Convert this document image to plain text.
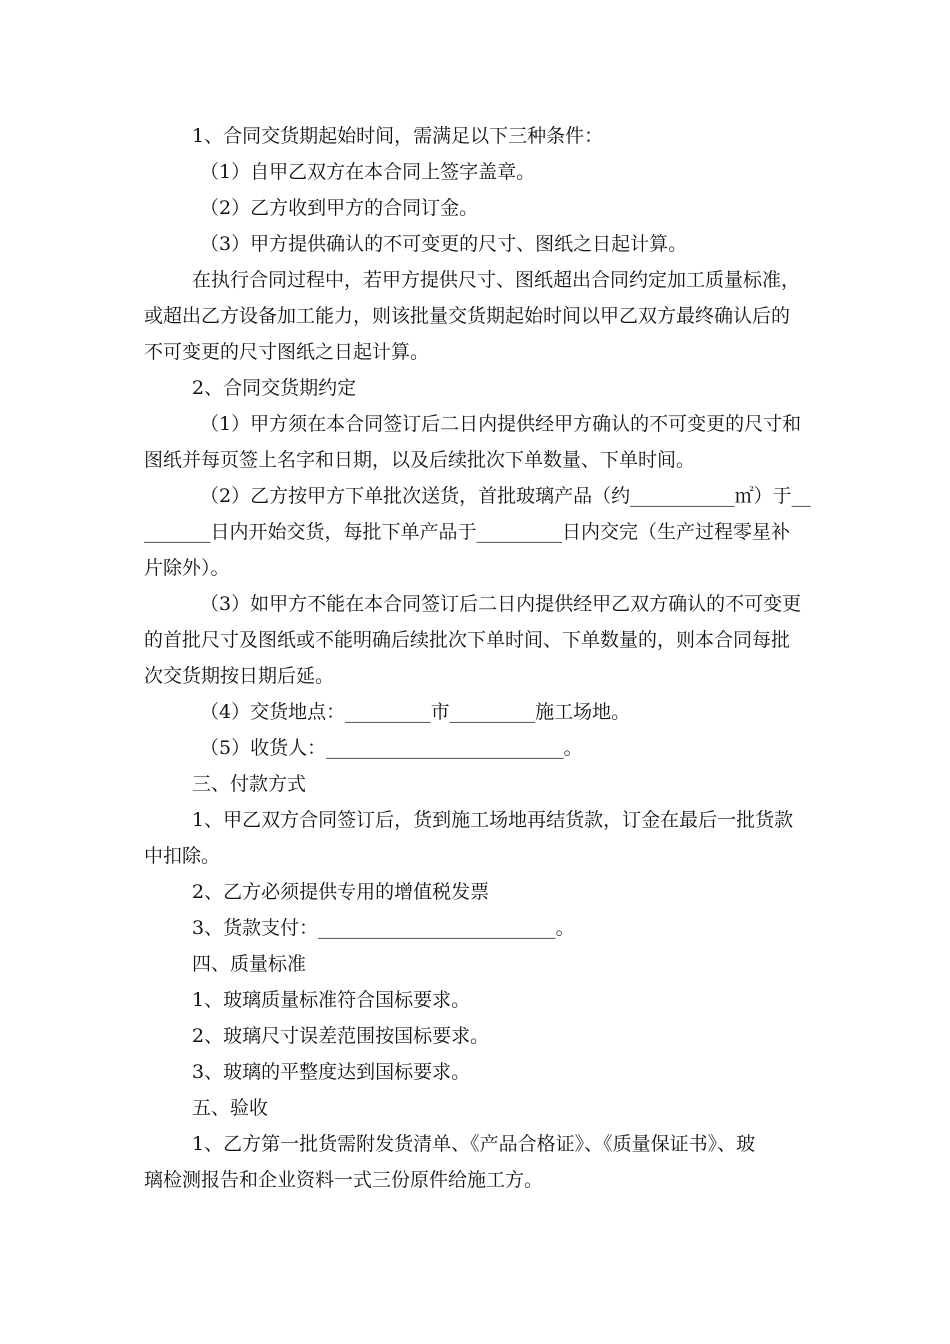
1、合同交货期起始时间，需满足以下三种条件：

（1）自甲乙双方在本合同上签字盖章。

（2）乙方收到甲方的合同订金。

（3）甲方提供确认的不可变更的尺寸、图纸之日起计算。

在执行合同过程中，若甲方提供尺寸、图纸超出合同约定加工质量标准，

或超出乙方设备加工能力，则该批量交货期起始时间以甲乙双方最终确认后的

不可变更的尺寸图纸之日起计算。

2、合同交货期约定

（1）甲方须在本合同签订后二日内提供经甲方确认的不可变更的尺寸和

图纸并每页签上名字和日期，以及后续批次下单数量、下单时间。

（2）乙方按甲方下单批次送货，首批玻璃产品（约___________㎡）于__

_______日内开始交货，每批下单产品于_________日内交完（生产过程零星补

片除外）。

（3）如甲方不能在本合同签订后二日内提供经甲乙双方确认的不可变更

的首批尺寸及图纸或不能明确后续批次下单时间、下单数量的，则本合同每批

次交货期按日期后延。

（4）交货地点：_________市_________施工场地。

（5）收货人：_________________________。

三、付款方式

1、甲乙双方合同签订后，货到施工场地再结货款，订金在最后一批货款

中扣除。

2、乙方必须提供专用的增值税发票

3、货款支付：_________________________。

四、质量标准

1、玻璃质量标准符合国标要求。

2、玻璃尺寸误差范围按国标要求。

3、玻璃的平整度达到国标要求。

五、验收

1、乙方第一批货需附发货清单、《产品合格证》、《质量保证书》、玻

璃检测报告和企业资料一式三份原件给施工方。
